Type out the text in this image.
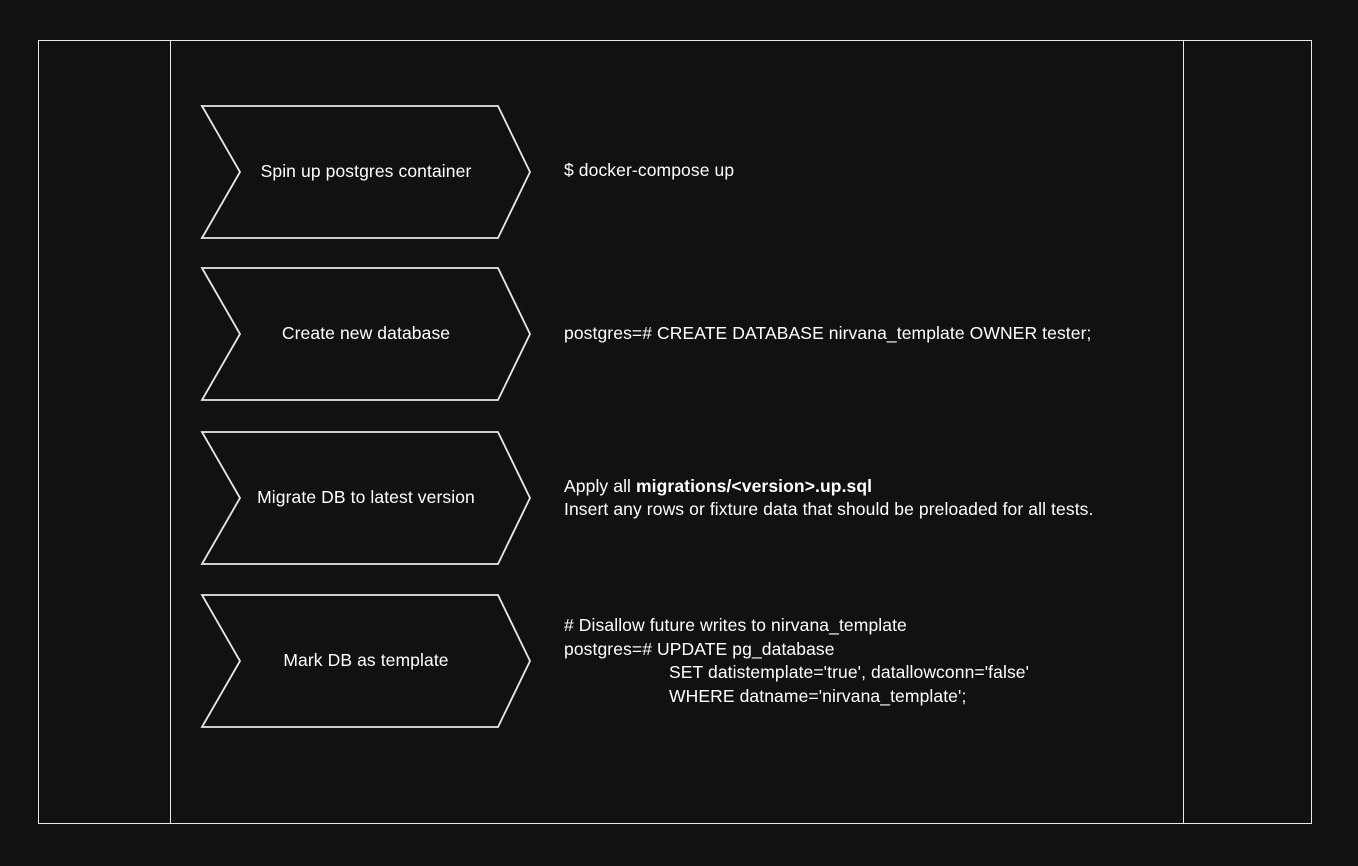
Spin up postgres container	$ docker-compose up
Create new database	postgres=# CREATE DATABASE nirvana_template OWNER tester;
Migrate DB to latest version
Apply all migrations/<version>.up.sql
Insert any rows or fixture data that should be preloaded for all tests.
Mark DB as template
# Disallow future writes to nirvana_template
postgres=# UPDATE pg_database
SET datistemplate='true', datallowconn='false'
WHERE datname='nirvana_template';
